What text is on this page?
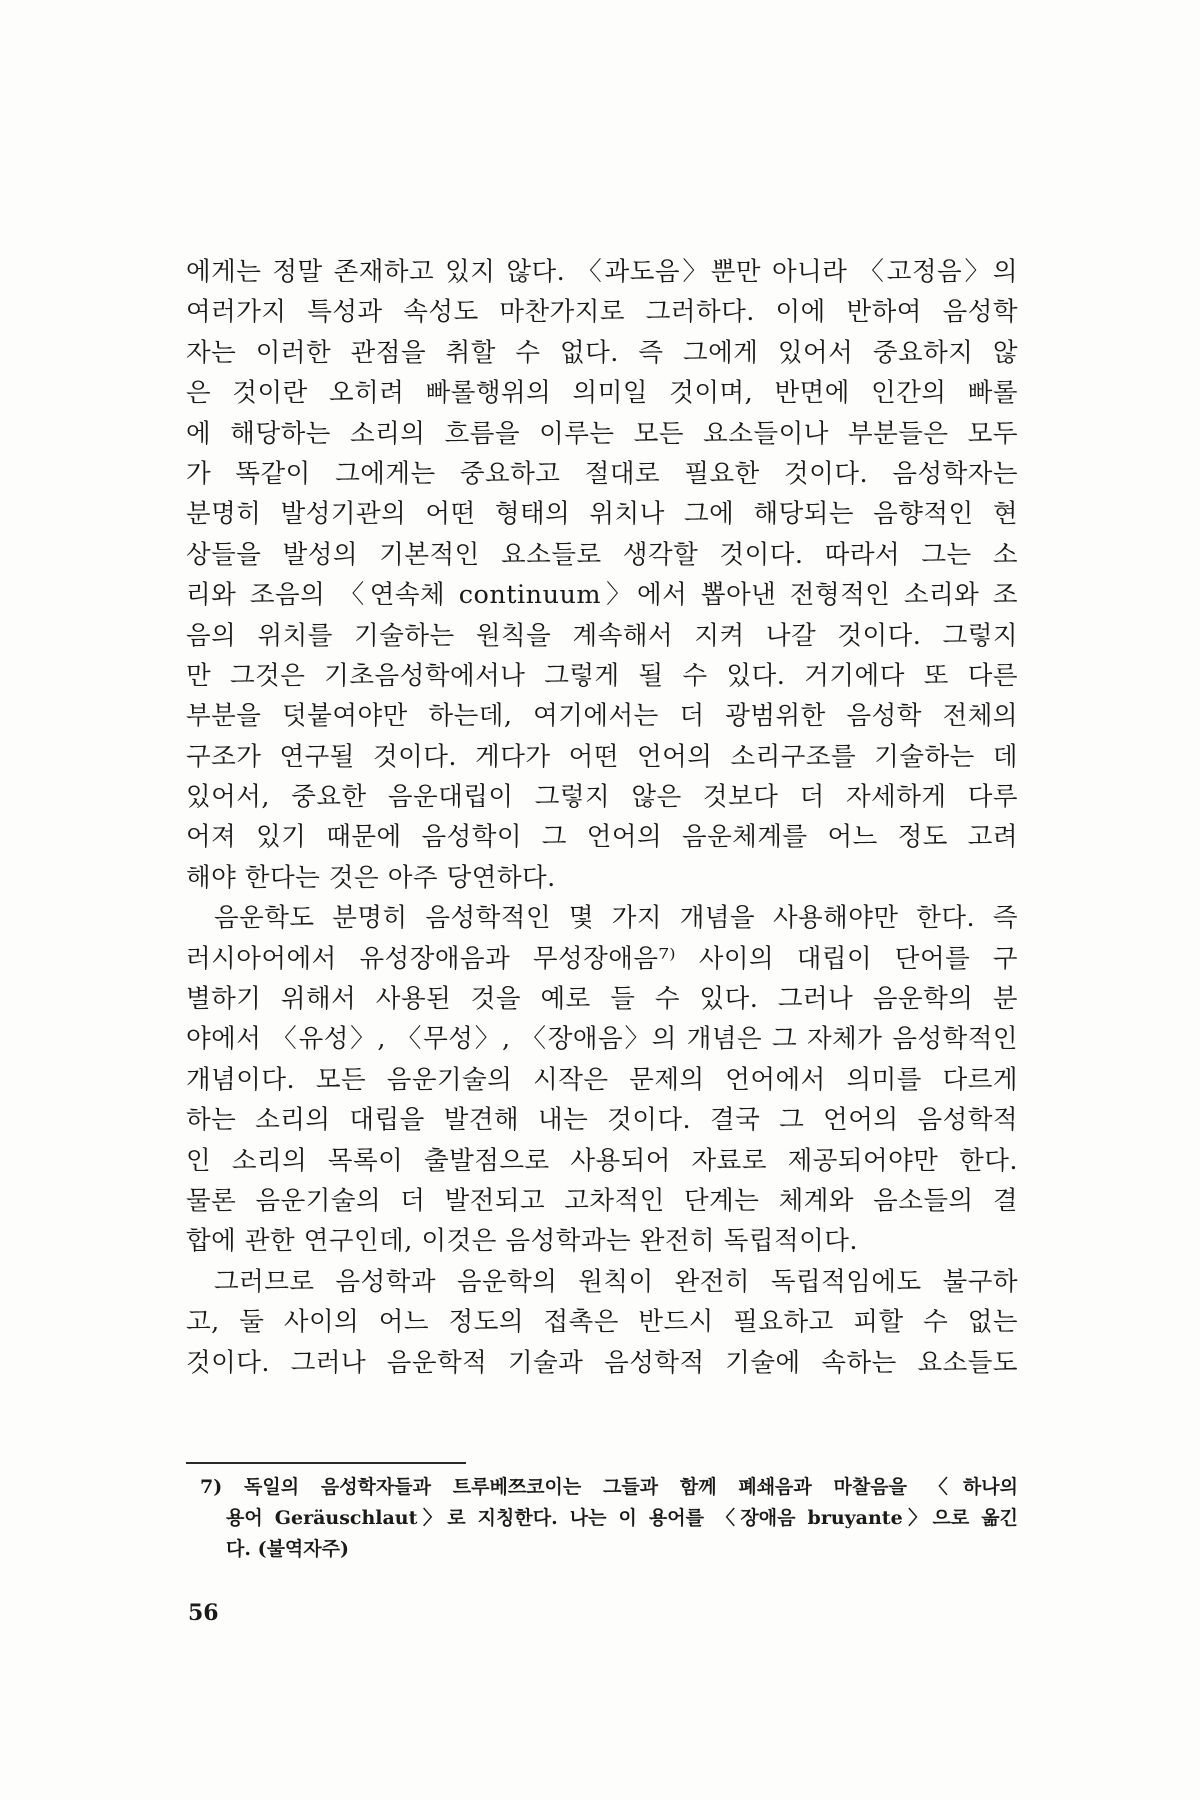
에게는 정말 존재하고 있지 않다. 〈과도음〉뿐만 아니라 〈고정음〉의
여러가지 특성과 속성도 마찬가지로 그러하다. 이에 반하여 음성학
자는 이러한 관점을 취할 수 없다. 즉 그에게 있어서 중요하지 않
은 것이란 오히려 빠롤행위의 의미일 것이며, 반면에 인간의 빠롤
에 해당하는 소리의 흐름을 이루는 모든 요소들이나 부분들은 모두
가 똑같이 그에게는 중요하고 절대로 필요한 것이다. 음성학자는
분명히 발성기관의 어떤 형태의 위치나 그에 해당되는 음향적인 현
상들을 발성의 기본적인 요소들로 생각할 것이다. 따라서 그는 소
리와 조음의 〈연속체 continuum〉에서 뽑아낸 전형적인 소리와 조
음의 위치를 기술하는 원칙을 계속해서 지켜 나갈 것이다. 그렇지
만 그것은 기초음성학에서나 그렇게 될 수 있다. 거기에다 또 다른
부분을 덧붙여야만 하는데, 여기에서는 더 광범위한 음성학 전체의
구조가 연구될 것이다. 게다가 어떤 언어의 소리구조를 기술하는 데
있어서, 중요한 음운대립이 그렇지 않은 것보다 더 자세하게 다루
어져 있기 때문에 음성학이 그 언어의 음운체계를 어느 정도 고려
해야 한다는 것은 아주 당연하다.
음운학도 분명히 음성학적인 몇 가지 개념을 사용해야만 한다. 즉
러시아어에서 유성장애음과 무성장애음⁷⁾ 사이의 대립이 단어를 구
별하기 위해서 사용된 것을 예로 들 수 있다. 그러나 음운학의 분
야에서 〈유성〉, 〈무성〉, 〈장애음〉의 개념은 그 자체가 음성학적인
개념이다. 모든 음운기술의 시작은 문제의 언어에서 의미를 다르게
하는 소리의 대립을 발견해 내는 것이다. 결국 그 언어의 음성학적
인 소리의 목록이 출발점으로 사용되어 자료로 제공되어야만 한다.
물론 음운기술의 더 발전되고 고차적인 단계는 체계와 음소들의 결
합에 관한 연구인데, 이것은 음성학과는 완전히 독립적이다.
그러므로 음성학과 음운학의 원칙이 완전히 독립적임에도 불구하
고, 둘 사이의 어느 정도의 접촉은 반드시 필요하고 피할 수 없는
것이다. 그러나 음운학적 기술과 음성학적 기술에 속하는 요소들도
7) 독일의 음성학자들과 트루베쯔코이는 그들과 함께 폐쇄음과 마찰음을 〈하나의
용어 Geräuschlaut〉로 지칭한다. 나는 이 용어를 〈장애음 bruyante〉으로 옮긴
다. (불역자주)
56
